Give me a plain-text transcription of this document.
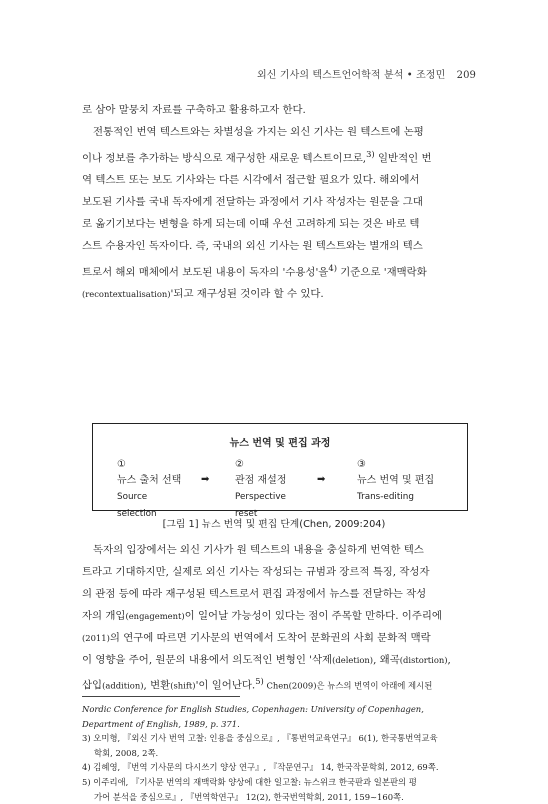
외신 기사의 텍스트언어학적 분석 • 조정민 209

로 삼아 말뭉치 자료를 구축하고 활용하고자 한다.

전통적인 번역 텍스트와는 차별성을 가지는 외신 기사는 원 텍스트에 논평

이나 정보를 추가하는 방식으로 재구성한 새로운 텍스트이므로,$^{3)}$ 일반적인 번

역 텍스트 또는 보도 기사와는 다른 시각에서 접근할 필요가 있다. 해외에서

보도된 기사를 국내 독자에게 전달하는 과정에서 기사 작성자는 원문을 그대

로 옮기기보다는 변형을 하게 되는데 이때 우선 고려하게 되는 것은 바로 텍

스트 수용자인 독자이다. 즉, 국내의 외신 기사는 원 텍스트와는 별개의 텍스

트로서 해외 매체에서 보도된 내용이 독자의 '수용성'을$^{4)}$ 기준으로 '재맥락화

(recontextualisation)'되고 재구성된 것이라 할 수 있다.

뉴스 번역 및 편집 과정
①
뉴스 출처 선택
Source
selection
➡
②
관점 재설정
Perspective
reset
➡
③
뉴스 번역 및 편집
Trans-editing
[그림 1] 뉴스 번역 및 편집 단계(Chen, 2009:204)

독자의 입장에서는 외신 기사가 원 텍스트의 내용을 충실하게 번역한 텍스

트라고 기대하지만, 실제로 외신 기사는 작성되는 규범과 장르적 특징, 작성자

의 관점 등에 따라 재구성된 텍스트로서 편집 과정에서 뉴스를 전달하는 작성

자의 개입(engagement)이 일어날 가능성이 있다는 점이 주목할 만하다. 이주리에

(2011)의 연구에 따르면 기사문의 번역에서 도착어 문화권의 사회 문화적 맥락

이 영향을 주어, 원문의 내용에서 의도적인 변형인 '삭제(deletion), 왜곡(distortion),

삽입(addition), 변환(shift)'이 일어난다.$^{5)}$ Chen(2009)은 뉴스의 번역이 아래에 제시된

Nordic Conference for English Studies, Copenhagen: University of Copenhagen, Department of English, 1989, p. 371.
3) 오미형, 『외신 기사 번역 고찰: 인용을 중심으로』, 『통번역교육연구』 6(1), 한국통번역교육
학회, 2008, 2쪽.
4) 김혜영, 『번역 기사문의 다시쓰기 양상 연구』, 『작문연구』 14, 한국작문학회, 2012, 69쪽.
5) 이주리애, 『기사문 번역의 재맥락화 양상에 대한 일고찰: 뉴스위크 한국판과 일본판의 평
가어 분석을 중심으로』, 『번역학연구』 12(2), 한국번역학회, 2011, 159~160쪽.
